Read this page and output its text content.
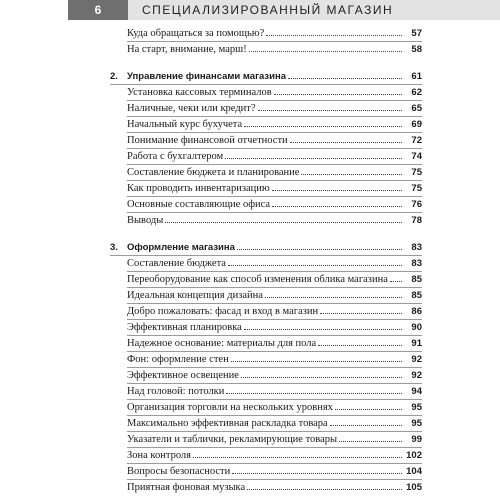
6	СПЕЦИАЛИЗИРОВАННЫЙ МАГАЗИН
Куда обращаться за помощью?	57
На старт, внимание, марш!	58
2. Управление финансами магазина	61
Установка кассовых терминалов	62
Наличные, чеки или кредит?	65
Начальный курс бухучета	69
Понимание финансовой отчетности	72
Работа с бухгалтером	74
Составление бюджета и планирование	75
Как проводить инвентаризацию	75
Основные составляющие офиса	76
Выводы	78
3. Оформление магазина	83
Составление бюджета	83
Переоборудование как способ изменения облика магазина	85
Идеальная концепция дизайна	85
Добро пожаловать: фасад и вход в магазин	86
Эффективная планировка	90
Надежное основание: материалы для пола	91
Фон: оформление стен	92
Эффективное освещение	92
Над головой: потолки	94
Организация торговли на нескольких уровнях	95
Максимально эффективная раскладка товара	95
Указатели и таблички, рекламирующие товары	99
Зона контроля	102
Вопросы безопасности	104
Приятная фоновая музыка	105
